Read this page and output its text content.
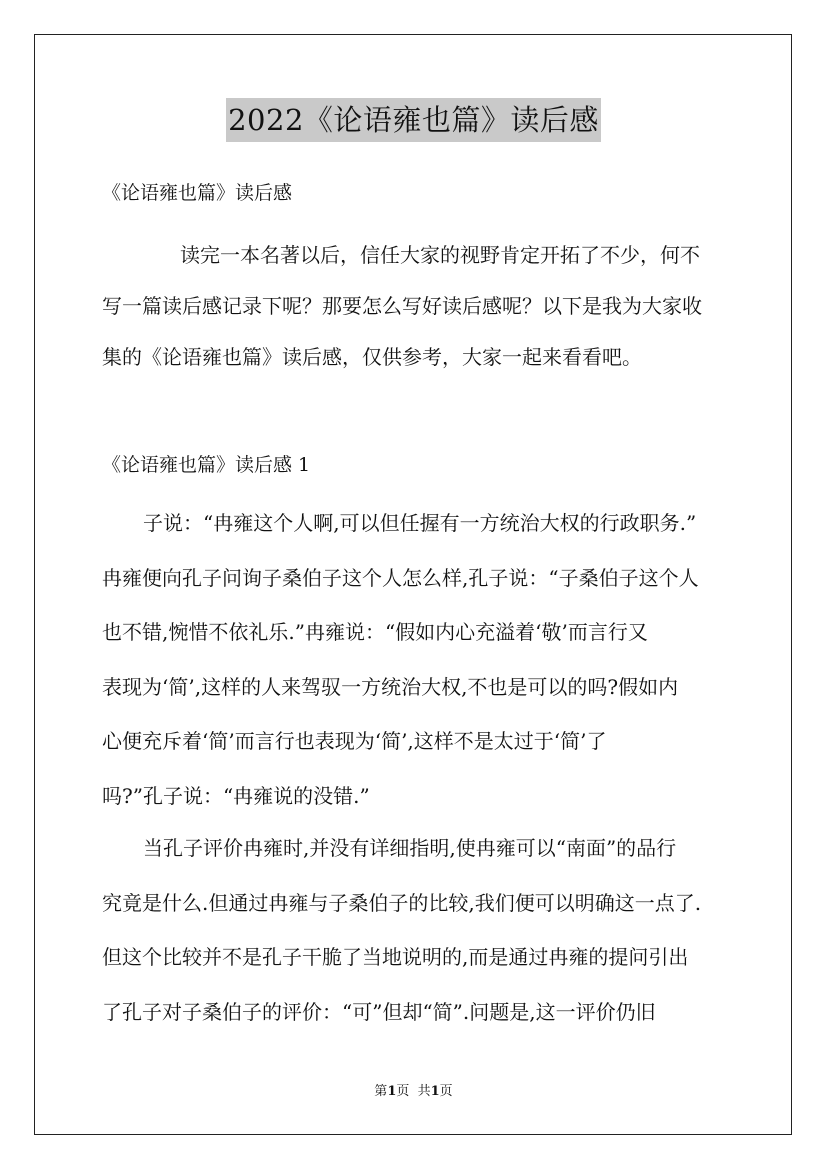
2022《论语雍也篇》读后感
《论语雍也篇》读后感
读完一本名著以后，信任大家的视野肯定开拓了不少，何不
写一篇读后感记录下呢？那要怎么写好读后感呢？以下是我为大家收
集的《论语雍也篇》读后感，仅供参考，大家一起来看看吧。
《论语雍也篇》读后感 1
子说：“冉雍这个人啊,可以但任握有一方统治大权的行政职务.”
冉雍便向孔子问询子桑伯子这个人怎么样,孔子说：“子桑伯子这个人
也不错,惋惜不依礼乐.”冉雍说：“假如内心充溢着‘敬’而言行又
表现为‘简’,这样的人来驾驭一方统治大权,不也是可以的吗?假如内
心便充斥着‘简’而言行也表现为‘简’,这样不是太过于‘简’了
吗?”孔子说：“冉雍说的没错.”
当孔子评价冉雍时,并没有详细指明,使冉雍可以“南面”的品行
究竟是什么.但通过冉雍与子桑伯子的比较,我们便可以明确这一点了.
但这个比较并不是孔子干脆了当地说明的,而是通过冉雍的提问引出
了孔子对子桑伯子的评价：“可”但却“简”.问题是,这一评价仍旧
第1页  共1页
